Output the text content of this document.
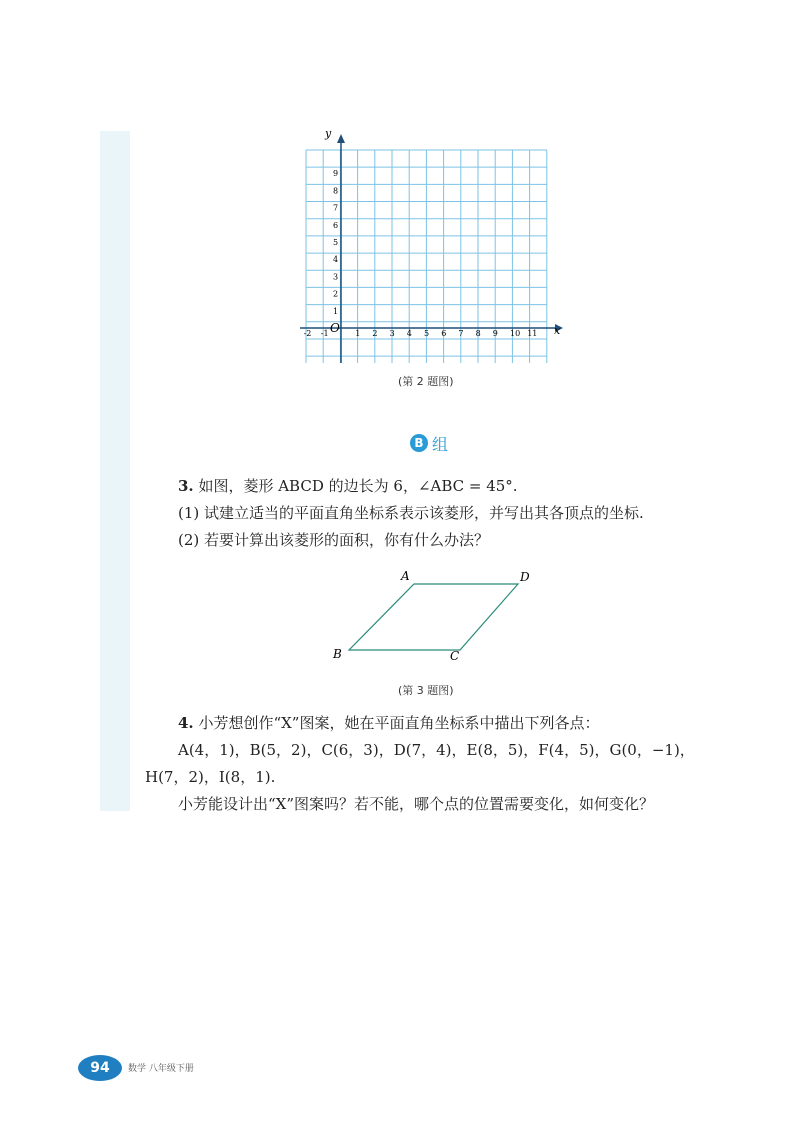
-2 -1	1 2 3 4 5 6 7 8 9 10 11
1
2
3
4
5
6
7
8
9
x
y
O
(第 2 题图)
B 组
3. 如图，菱形 ABCD 的边长为 6，∠ABC = 45°.
(1) 试建立适当的平面直角坐标系表示该菱形，并写出其各顶点的坐标.
(2) 若要计算出该菱形的面积，你有什么办法？
A	D
B	C
(第 3 题图)
4. 小芳想创作“X”图案，她在平面直角坐标系中描出下列各点：
A(4，1)，B(5，2)，C(6，3)，D(7，4)，E(8，5)，F(4，5)，G(0，−1)，
H(7，2)，I(8，1).
小芳能设计出“X”图案吗？若不能，哪个点的位置需要变化，如何变化？
94	数学 八年级下册
